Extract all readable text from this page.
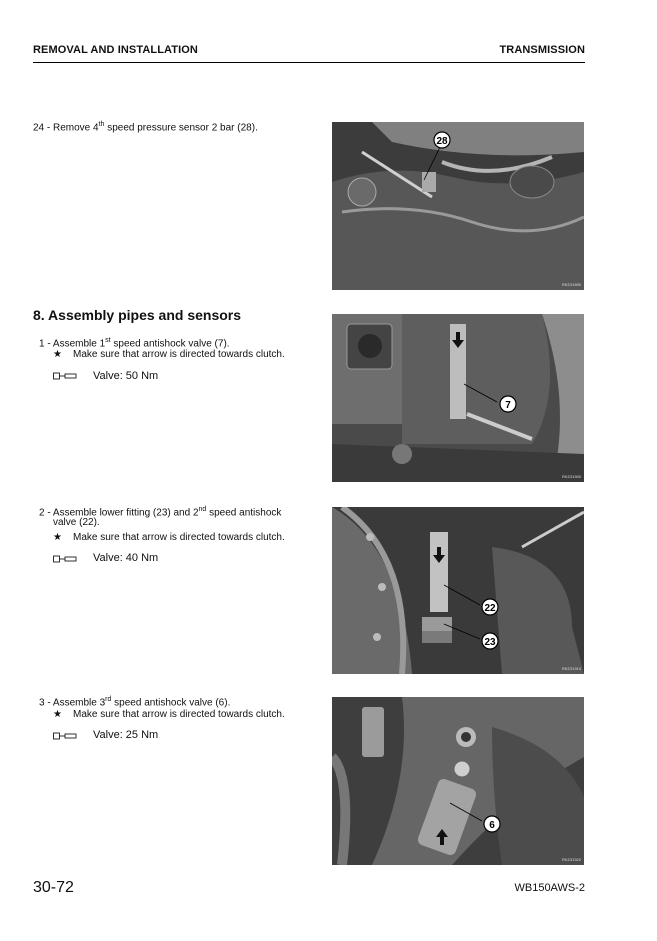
REMOVAL AND INSTALLATION	TRANSMISSION
24 - Remove 4th speed pressure sensor 2 bar (28).
28
RKZ31890
8. Assembly pipes and sensors
1 - Assemble 1st speed antishock valve (7).
★ Make sure that arrow is directed towards clutch.
Valve: 50 Nm
7
RKZ31900
2 - Assemble lower fitting (23) and 2nd speed antishock
valve (22).
★ Make sure that arrow is directed towards clutch.
Valve: 40 Nm
22
23
RKZ31910
3 - Assemble 3rd speed antishock valve (6).
★ Make sure that arrow is directed towards clutch.
Valve: 25 Nm
6
RKZ31920
30-72	WB150AWS-2
